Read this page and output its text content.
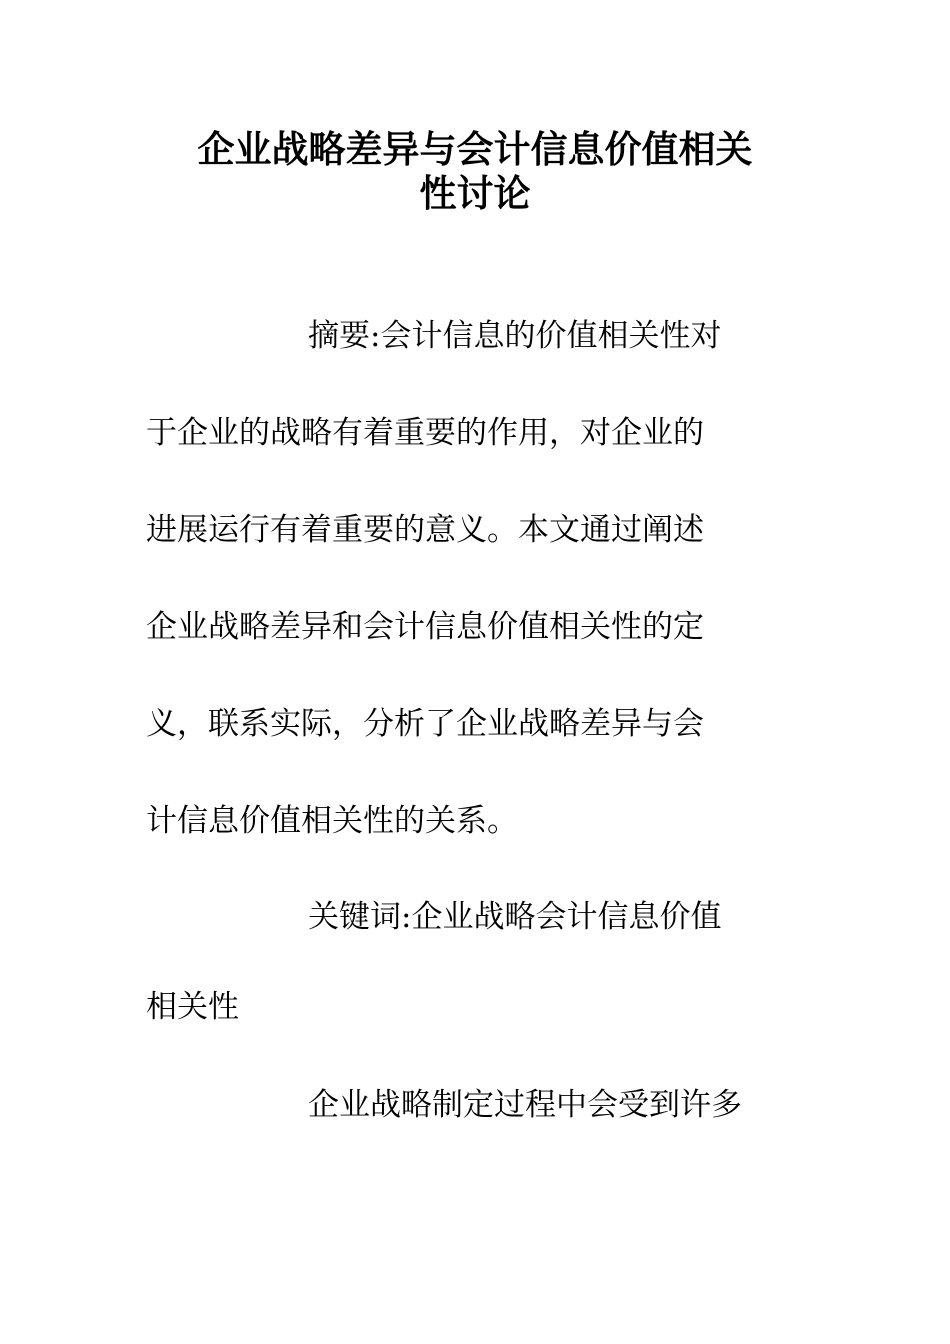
企业战略差异与会计信息价值相关
性讨论
摘要:会计信息的价值相关性对
于企业的战略有着重要的作用，对企业的
进展运行有着重要的意义。本文通过阐述
企业战略差异和会计信息价值相关性的定
义，联系实际，分析了企业战略差异与会
计信息价值相关性的关系。
关键词:企业战略会计信息价值
相关性
企业战略制定过程中会受到许多
